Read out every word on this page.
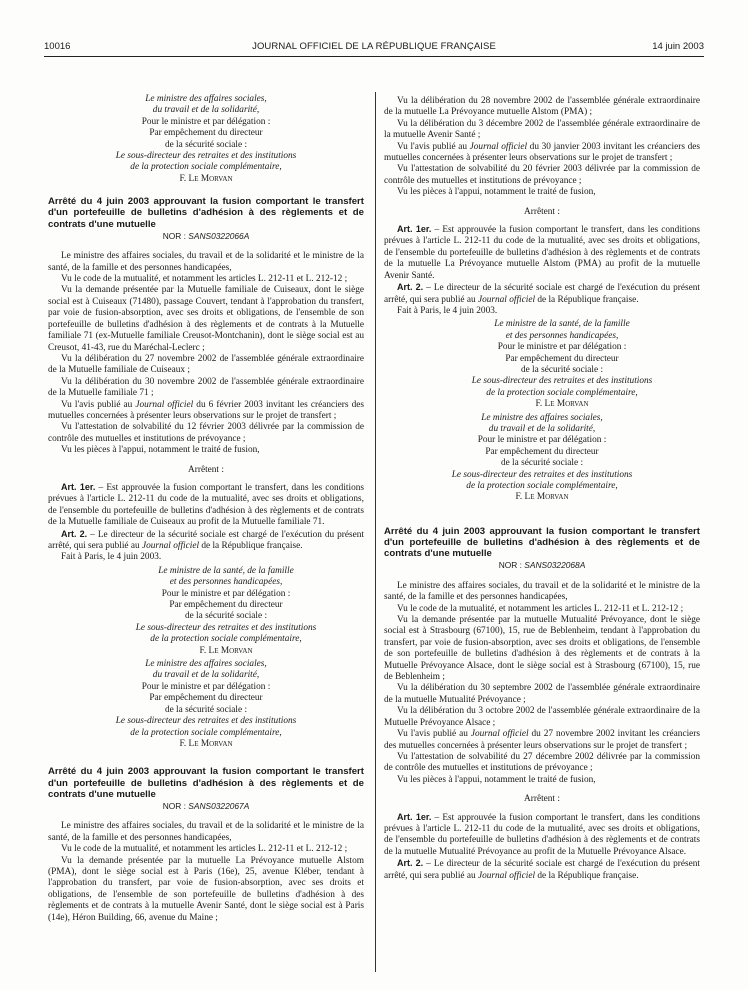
10016	JOURNAL OFFICIEL DE LA RÉPUBLIQUE FRANÇAISE	14 juin 2003
Le ministre des affaires sociales,
du travail et de la solidarité,
Pour le ministre et par délégation :
Par empêchement du directeur
de la sécurité sociale :
Le sous-directeur des retraites et des institutions
de la protection sociale complémentaire,
F. Le Morvan
Arrêté du 4 juin 2003 approuvant la fusion comportant le transfert d'un portefeuille de bulletins d'adhésion à des règlements et de contrats d'une mutuelle
NOR : SANS0322066A

Le ministre des affaires sociales, du travail et de la solidarité et le ministre de la santé, de la famille et des personnes handicapées,

Vu le code de la mutualité, et notamment les articles L. 212-11 et L. 212-12 ;

Vu la demande présentée par la Mutuelle familiale de Cuiseaux, dont le siège social est à Cuiseaux (71480), passage Couvert, tendant à l'approbation du transfert, par voie de fusion-absorption, avec ses droits et obligations, de l'ensemble de son portefeuille de bulletins d'adhésion à des règlements et de contrats à la Mutuelle familiale 71 (ex-Mutuelle familiale Creusot-Montchanin), dont le siège social est au Creusot, 41-43, rue du Maréchal-Leclerc ;

Vu la délibération du 27 novembre 2002 de l'assemblée générale extraordinaire de la Mutuelle familiale de Cuiseaux ;

Vu la délibération du 30 novembre 2002 de l'assemblée générale extraordinaire de la Mutuelle familiale 71 ;

Vu l'avis publié au Journal officiel du 6 février 2003 invitant les créanciers des mutuelles concernées à présenter leurs observations sur le projet de transfert ;

Vu l'attestation de solvabilité du 12 février 2003 délivrée par la commission de contrôle des mutuelles et institutions de prévoyance ;

Vu les pièces à l'appui, notamment le traité de fusion,

Arrêtent :

Art. 1er. – Est approuvée la fusion comportant le transfert, dans les conditions prévues à l'article L. 212-11 du code de la mutualité, avec ses droits et obligations, de l'ensemble du portefeuille de bulletins d'adhésion à des règlements et de contrats de la Mutuelle familiale de Cuiseaux au profit de la Mutuelle familiale 71.

Art. 2. – Le directeur de la sécurité sociale est chargé de l'exécution du présent arrêté, qui sera publié au Journal officiel de la République française.

Fait à Paris, le 4 juin 2003.

Le ministre de la santé, de la famille
et des personnes handicapées,
Pour le ministre et par délégation :
Par empêchement du directeur
de la sécurité sociale :
Le sous-directeur des retraites et des institutions
de la protection sociale complémentaire,
F. Le Morvan
Le ministre des affaires sociales,
du travail et de la solidarité,
Pour le ministre et par délégation :
Par empêchement du directeur
de la sécurité sociale :
Le sous-directeur des retraites et des institutions
de la protection sociale complémentaire,
F. Le Morvan
Arrêté du 4 juin 2003 approuvant la fusion comportant le transfert d'un portefeuille de bulletins d'adhésion à des règlements et de contrats d'une mutuelle
NOR : SANS0322067A

Le ministre des affaires sociales, du travail et de la solidarité et le ministre de la santé, de la famille et des personnes handicapées,

Vu le code de la mutualité, et notamment les articles L. 212-11 et L. 212-12 ;

Vu la demande présentée par la mutuelle La Prévoyance mutuelle Alstom (PMA), dont le siège social est à Paris (16e), 25, avenue Kléber, tendant à l'approbation du transfert, par voie de fusion-absorption, avec ses droits et obligations, de l'ensemble de son portefeuille de bulletins d'adhésion à des règlements et de contrats à la mutuelle Avenir Santé, dont le siège social est à Paris (14e), Héron Building, 66, avenue du Maine ;

Vu la délibération du 28 novembre 2002 de l'assemblée générale extraordinaire de la mutuelle La Prévoyance mutuelle Alstom (PMA) ;

Vu la délibération du 3 décembre 2002 de l'assemblée générale extraordinaire de la mutuelle Avenir Santé ;

Vu l'avis publié au Journal officiel du 30 janvier 2003 invitant les créanciers des mutuelles concernées à présenter leurs observations sur le projet de transfert ;

Vu l'attestation de solvabilité du 20 février 2003 délivrée par la commission de contrôle des mutuelles et institutions de prévoyance ;

Vu les pièces à l'appui, notamment le traité de fusion,

Arrêtent :

Art. 1er. – Est approuvée la fusion comportant le transfert, dans les conditions prévues à l'article L. 212-11 du code de la mutualité, avec ses droits et obligations, de l'ensemble du portefeuille de bulletins d'adhésion à des règlements et de contrats de la mutuelle La Prévoyance mutuelle Alstom (PMA) au profit de la mutuelle Avenir Santé.

Art. 2. – Le directeur de la sécurité sociale est chargé de l'exécution du présent arrêté, qui sera publié au Journal officiel de la République française.

Fait à Paris, le 4 juin 2003.

Le ministre de la santé, de la famille
et des personnes handicapées,
Pour le ministre et par délégation :
Par empêchement du directeur
de la sécurité sociale :
Le sous-directeur des retraites et des institutions
de la protection sociale complémentaire,
F. Le Morvan
Le ministre des affaires sociales,
du travail et de la solidarité,
Pour le ministre et par délégation :
Par empêchement du directeur
de la sécurité sociale :
Le sous-directeur des retraites et des institutions
de la protection sociale complémentaire,
F. Le Morvan
Arrêté du 4 juin 2003 approuvant la fusion comportant le transfert d'un portefeuille de bulletins d'adhésion à des règlements et de contrats d'une mutuelle
NOR : SANS0322068A

Le ministre des affaires sociales, du travail et de la solidarité et le ministre de la santé, de la famille et des personnes handicapées,

Vu le code de la mutualité, et notamment les articles L. 212-11 et L. 212-12 ;

Vu la demande présentée par la mutuelle Mutualité Prévoyance, dont le siège social est à Strasbourg (67100), 15, rue de Beblenheim, tendant à l'approbation du transfert, par voie de fusion-absorption, avec ses droits et obligations, de l'ensemble de son portefeuille de bulletins d'adhésion à des règlements et de contrats à la Mutuelle Prévoyance Alsace, dont le siège social est à Strasbourg (67100), 15, rue de Beblenheim ;

Vu la délibération du 30 septembre 2002 de l'assemblée générale extraordinaire de la mutuelle Mutualité Prévoyance ;

Vu la délibération du 3 octobre 2002 de l'assemblée générale extraordinaire de la Mutuelle Prévoyance Alsace ;

Vu l'avis publié au Journal officiel du 27 novembre 2002 invitant les créanciers des mutuelles concernées à présenter leurs observations sur le projet de transfert ;

Vu l'attestation de solvabilité du 27 décembre 2002 délivrée par la commission de contrôle des mutuelles et institutions de prévoyance ;

Vu les pièces à l'appui, notamment le traité de fusion,

Arrêtent :

Art. 1er. – Est approuvée la fusion comportant le transfert, dans les conditions prévues à l'article L. 212-11 du code de la mutualité, avec ses droits et obligations, de l'ensemble du portefeuille de bulletins d'adhésion à des règlements et de contrats de la mutuelle Mutualité Prévoyance au profit de la Mutuelle Prévoyance Alsace.

Art. 2. – Le directeur de la sécurité sociale est chargé de l'exécution du présent arrêté, qui sera publié au Journal officiel de la République française.
